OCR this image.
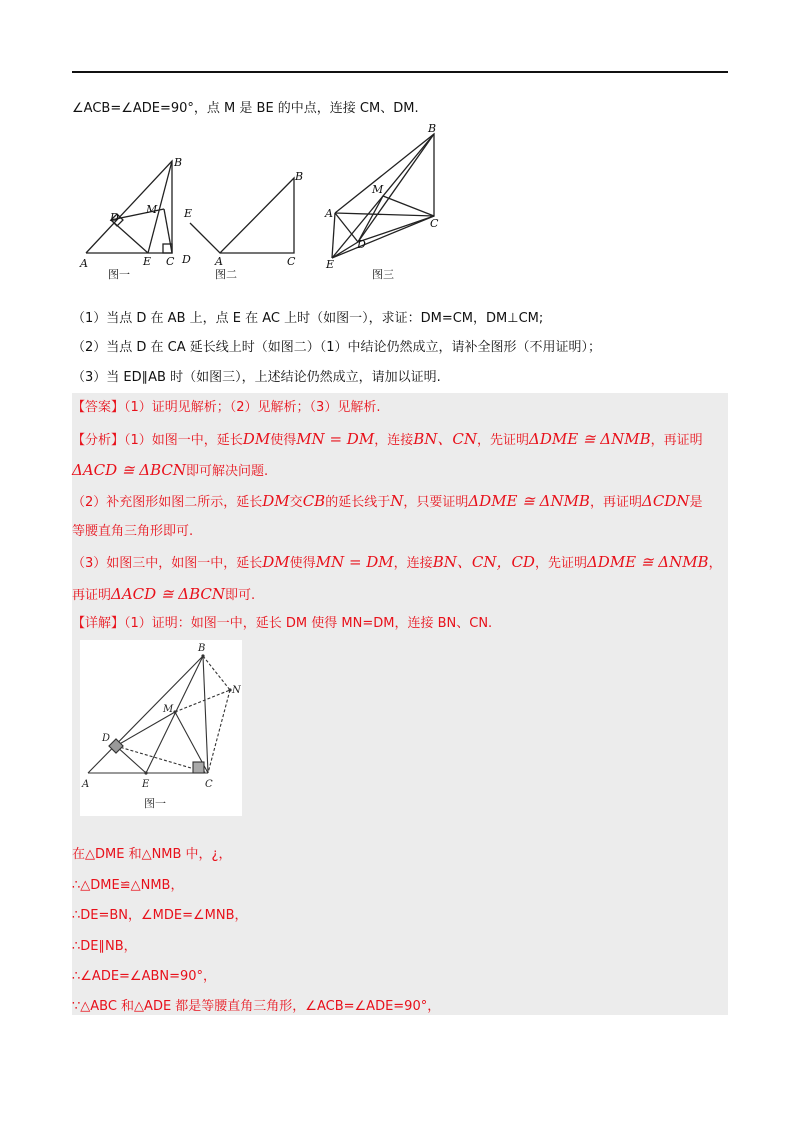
∠ACB=∠ADE=90°，点 M 是 BE 的中点，连接 CM、DM.
B
M
D
A	E C
图一
E
D A	C
B
图二
B
M
A
C
D
E
图三
（1）当点 D 在 AB 上，点 E 在 AC 上时（如图一），求证：DM=CM，DM⊥CM;
（2）当点 D 在 CA 延长线上时（如图二）（1）中结论仍然成立，请补全图形（不用证明）；
（3）当 ED∥AB 时（如图三），上述结论仍然成立，请加以证明.
【答案】（1）证明见解析；（2）见解析；（3）见解析.
【分析】（1）如图一中，延长DM使得MN = DM，连接BN、CN，先证明ΔDME ≅ ΔNMB，再证明
ΔACD ≅ ΔBCN即可解决问题.
（2）补充图形如图二所示，延长DM交CB的延长线于N，只要证明ΔDME ≅ ΔNMB，再证明ΔCDN是
等腰直角三角形即可.
（3）如图三中，如图一中，延长DM使得MN = DM，连接BN、CN，CD，先证明ΔDME ≅ ΔNMB，
再证明ΔACD ≅ ΔBCN即可.
【详解】（1）证明：如图一中，延长 DM 使得 MN=DM，连接 BN、CN.
B
N
M
D
A	E	C
图一
在△DME 和△NMB 中，¿，
∴△DME≌△NMB，
∴DE=BN，∠MDE=∠MNB，
∴DE∥NB，
∴∠ADE=∠ABN=90°，
∵△ABC 和△ADE 都是等腰直角三角形，∠ACB=∠ADE=90°，
